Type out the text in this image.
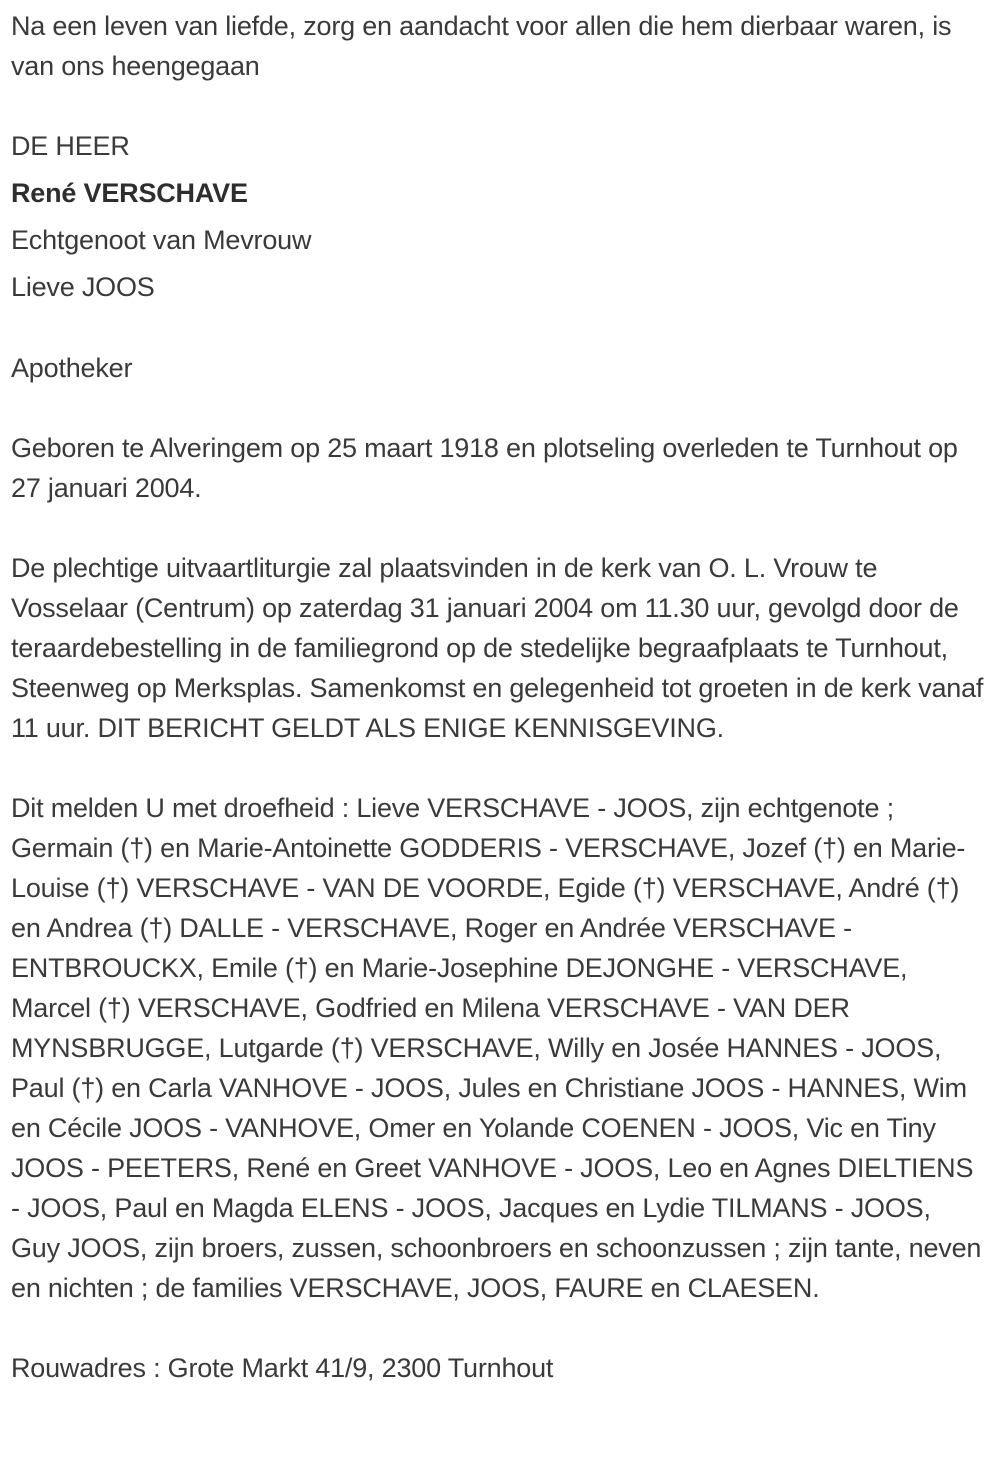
Na een leven van liefde, zorg en aandacht voor allen die hem dierbaar waren, is van ons heengegaan

DE HEER

René VERSCHAVE

Echtgenoot van Mevrouw

Lieve JOOS

Apotheker

Geboren te Alveringem op 25 maart 1918 en plotseling overleden te Turnhout op 27 januari 2004.

De plechtige uitvaartliturgie zal plaatsvinden in de kerk van O. L. Vrouw te Vosselaar (Centrum) op zaterdag 31 januari 2004 om 11.30 uur, gevolgd door de teraardebestelling in de familiegrond op de stedelijke begraafplaats te Turnhout, Steenweg op Merksplas. Samenkomst en gelegenheid tot groeten in de kerk vanaf 11 uur. DIT BERICHT GELDT ALS ENIGE KENNISGEVING.

Dit melden U met droefheid : Lieve VERSCHAVE - JOOS, zijn echtgenote ; Germain (†) en Marie-Antoinette GODDERIS - VERSCHAVE, Jozef (†) en Marie-Louise (†) VERSCHAVE - VAN DE VOORDE, Egide (†) VERSCHAVE, André (†) en Andrea (†) DALLE - VERSCHAVE, Roger en Andrée VERSCHAVE - ENTBROUCKX, Emile (†) en Marie-Josephine DEJONGHE - VERSCHAVE, Marcel (†) VERSCHAVE, Godfried en Milena VERSCHAVE - VAN DER MYNSBRUGGE, Lutgarde (†) VERSCHAVE, Willy en Josée HANNES - JOOS, Paul (†) en Carla VANHOVE - JOOS, Jules en Christiane JOOS - HANNES, Wim en Cécile JOOS - VANHOVE, Omer en Yolande COENEN - JOOS, Vic en Tiny JOOS - PEETERS, René en Greet VANHOVE - JOOS, Leo en Agnes DIELTIENS - JOOS, Paul en Magda ELENS - JOOS, Jacques en Lydie TILMANS - JOOS, Guy JOOS, zijn broers, zussen, schoonbroers en schoonzussen ; zijn tante, neven en nichten ; de families VERSCHAVE, JOOS, FAURE en CLAESEN.

Rouwadres : Grote Markt 41/9, 2300 Turnhout
